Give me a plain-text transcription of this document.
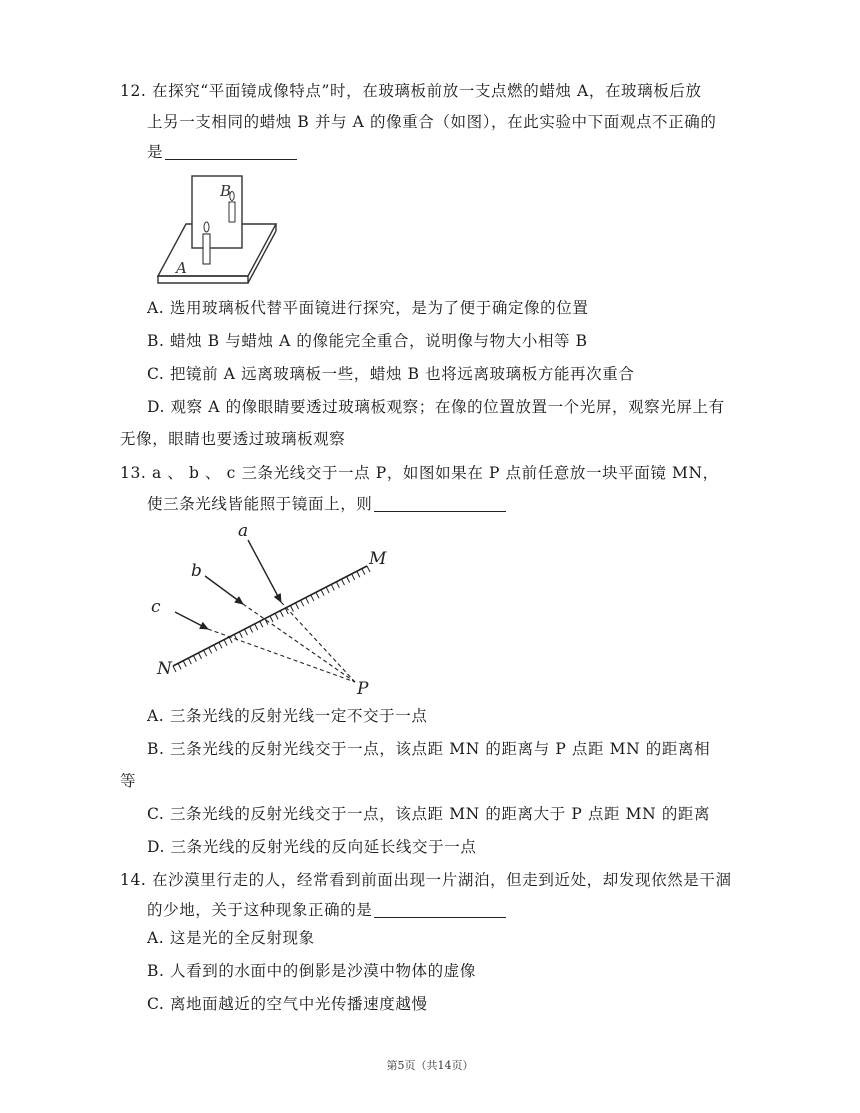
12. 在探究“平面镜成像特点”时，在玻璃板前放一支点燃的蜡烛 A，在玻璃板后放
上另一支相同的蜡烛 B 并与 A 的像重合（如图），在此实验中下面观点不正确的
是
B
A
A. 选用玻璃板代替平面镜进行探究，是为了便于确定像的位置
B. 蜡烛 B 与蜡烛 A 的像能完全重合，说明像与物大小相等 B
C. 把镜前 A 远离玻璃板一些，蜡烛 B 也将远离玻璃板方能再次重合
D. 观察 A 的像眼睛要透过玻璃板观察；在像的位置放置一个光屏，观察光屏上有
无像，眼睛也要透过玻璃板观察
13. a 、 b 、 c 三条光线交于一点 P，如图如果在 P 点前任意放一块平面镜 MN，
使三条光线皆能照于镜面上，则
a
b
c
M
N
P
A. 三条光线的反射光线一定不交于一点
B. 三条光线的反射光线交于一点，该点距 MN 的距离与 P 点距 MN 的距离相
等
C. 三条光线的反射光线交于一点，该点距 MN 的距离大于 P 点距 MN 的距离
D. 三条光线的反射光线的反向延长线交于一点
14. 在沙漠里行走的人，经常看到前面出现一片湖泊，但走到近处，却发现依然是干涸
的少地，关于这种现象正确的是
A. 这是光的全反射现象
B. 人看到的水面中的倒影是沙漠中物体的虚像
C. 离地面越近的空气中光传播速度越慢
第5页（共14页）
